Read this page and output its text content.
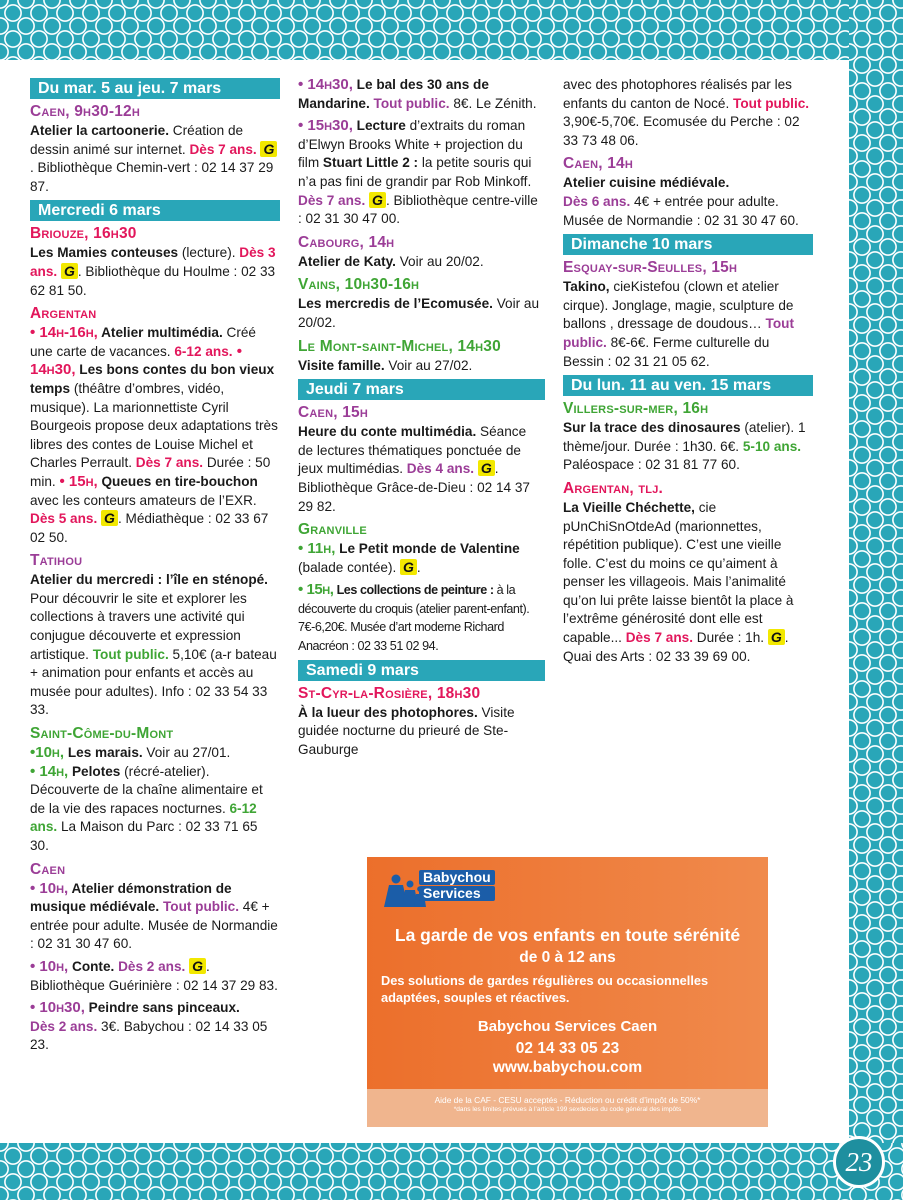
Du mar. 5 au jeu. 7 mars
Caen, 9h30-12h
Atelier la cartoonerie. Création de dessin animé sur internet. Dès 7 ans. G. Bibliothèque Chemin-vert : 02 14 37 29 87.
Mercredi 6 mars
Briouze, 16h30
Les Mamies conteuses (lecture). Dès 3 ans. G . Bibliothèque du Houlme : 02 33 62 81 50.
Argentan
• 14h-16h, Atelier multimédia. Créé une carte de vacances. 6-12 ans. • 14h30, Les bons contes du bon vieux temps (théâtre d’ombres, vidéo, musique). La marionnettiste Cyril Bourgeois propose deux adaptations très libres des contes de Louise Michel et Charles Perrault. Dès 7 ans. Durée : 50 min. • 15h, Queues en tire-bouchon avec les conteurs amateurs de l’EXR. Dès 5 ans. G . Médiathèque : 02 33 67 02 50.
Tatihou
Atelier du mercredi : l’île en sténopé. Pour découvrir le site et explorer les collections à travers une activité qui conjugue découverte et expression artistique. Tout public. 5,10€ (a-r bateau + animation pour enfants et accès au musée pour adultes). Info : 02 33 54 33 33.
Saint-Côme-du-Mont
•10h, Les marais. Voir au 27/01.
• 14h, Pelotes (récré-atelier). Découverte de la chaîne alimentaire et de la vie des rapaces nocturnes. 6-12 ans. La Maison du Parc : 02 33 71 65 30.
Caen
• 10h, Atelier démonstration de musique médiévale. Tout public. 4€ + entrée pour adulte. Musée de Normandie : 02 31 30 47 60.
• 10h, Conte. Dès 2 ans. G . Bibliothèque Guérinière : 02 14 37 29 83.
• 10h30, Peindre sans pinceaux.
Dès 2 ans. 3€. Babychou : 02 14 33 05 23.
• 14h30, Le bal des 30 ans de Mandarine. Tout public. 8€. Le Zénith.
• 15h30, Lecture d’extraits du roman d’Elwyn Brooks White + projection du film Stuart Little 2 : la petite souris qui n’a pas fini de grandir par Rob Minkoff. Dès 7 ans. G . Bibliothèque centre-ville : 02 31 30 47 00.
Cabourg, 14h
Atelier de Katy. Voir au 20/02.
Vains, 10h30-16h
Les mercredis de l’Ecomusée. Voir au 20/02.
Le Mont-saint-Michel, 14h30
Visite famille. Voir au 27/02.
Jeudi 7 mars
Caen, 15h
Heure du conte multimédia. Séance de lectures thématiques ponctuée de jeux multimédias. Dès 4 ans. G . Bibliothèque Grâce-de-Dieu : 02 14 37 29 82.
Granville
• 11h, Le Petit monde de Valentine (balade contée). G .
• 15h, Les collections de peinture : à la découverte du croquis (atelier parent-enfant). 7€-6,20€. Musée d’art moderne Richard Anacréon : 02 33 51 02 94.
Samedi 9 mars
St-Cyr-la-Rosière, 18h30
À la lueur des photophores. Visite guidée nocturne du prieuré de Ste-Gauburge
avec des photophores réalisés par les enfants du canton de Nocé. Tout public. 3,90€-5,70€. Ecomusée du Perche : 02 33 73 48 06.
Caen, 14h
Atelier cuisine médiévale.
Dès 6 ans. 4€ + entrée pour adulte. Musée de Normandie : 02 31 30 47 60.
Dimanche 10 mars
Esquay-sur-Seulles, 15h
Takino, cieKistefou (clown et atelier cirque). Jonglage, magie, sculpture de ballons , dressage de doudous… Tout public. 8€-6€. Ferme culturelle du Bessin : 02 31 21 05 62.
Du lun. 11 au ven. 15 mars
Villers-sur-mer, 16h
Sur la trace des dinosaures (atelier). 1 thème/jour. Durée : 1h30. 6€. 5-10 ans. Paléospace : 02 31 81 77 60.
Argentan, tlj.
La Vieille Chéchette, cie pUnChiSnOtdeAd (marionnettes, répétition publique). C’est une vieille folle. C’est du moins ce qu’aiment à penser les villageois. Mais l’animalité qu’on lui prête laisse bientôt la place à l’extrême générosité dont elle est capable... Dès 7 ans. Durée : 1h. G . Quai des Arts : 02 33 39 69 00.
Babychou
Services
La garde de vos enfants en toute sérénité
de 0 à 12 ans
Des solutions de gardes régulières ou occasionnelles adaptées, souples et réactives.
Babychou Services Caen
02 14 33 05 23
www.babychou.com
Aide de la CAF - CESU acceptés - Réduction ou crédit d’impôt de 50%*
*dans les limites prévues à l’article 199 sexdecies du code général des impôts
23
